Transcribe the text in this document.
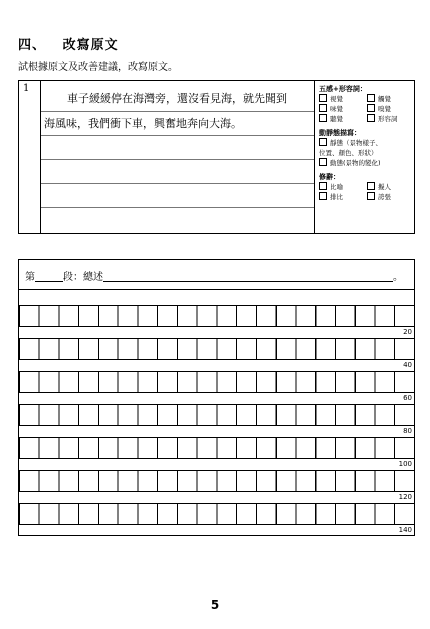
四、 改寫原文
試根據原文及改善建議，改寫原文。
1
車子緩緩停在海灣旁，還沒看見海，就先聞到
海風味，我們衝下車，興奮地奔向大海。
五感+形容詞：
視覺	觸覺
味覺	嗅覺
聽覺	形容詞
動靜態描寫：
靜態（景物樣子、
位置、顏色、形狀）
動態(景物的變化)
修辭：
比喻	擬人
排比	誇張
第	段：總述	。
20
40
60
80
100
120
140
5
